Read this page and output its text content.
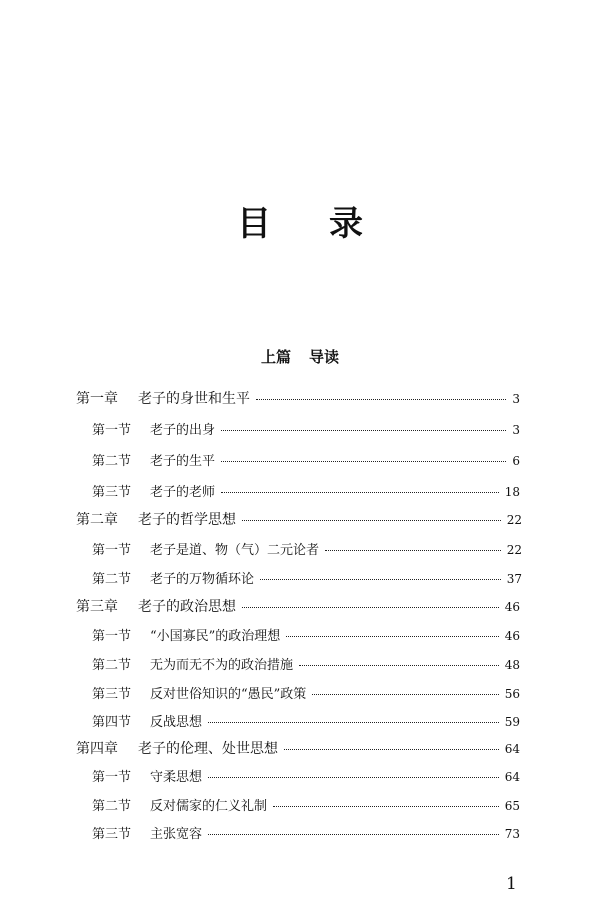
目 录
上篇 导读
第一章	老子的身世和生平	3
第一节	老子的出身	3
第二节	老子的生平	6
第三节	老子的老师	18
第二章	老子的哲学思想	22
第一节	老子是道、物（气）二元论者	22
第二节	老子的万物循环论	37
第三章	老子的政治思想	46
第一节	“小国寡民”的政治理想	46
第二节	无为而无不为的政治措施	48
第三节	反对世俗知识的“愚民”政策	56
第四节	反战思想	59
第四章	老子的伦理、处世思想	64
第一节	守柔思想	64
第二节	反对儒家的仁义礼制	65
第三节	主张宽容	73
1
